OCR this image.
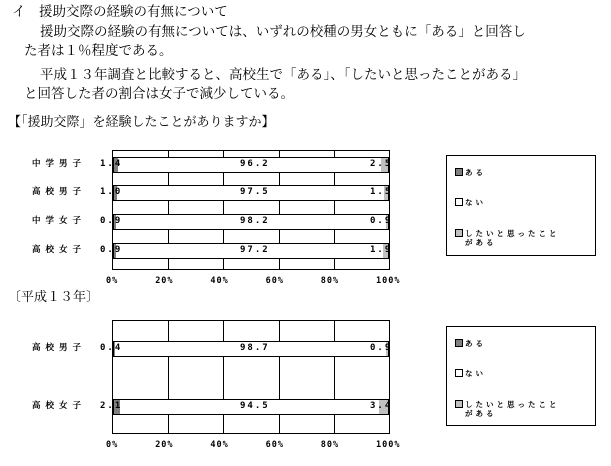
イ　援助交際の経験の有無について
援助交際の経験の有無については、いずれの校種の男女ともに「ある」と回答し
た者は１％程度である。
平成１３年調査と比較すると、高校生で「ある」、「したいと思ったことがある」
と回答した者の割合は女子で減少している。
【「援助交際」を経験したことがありますか】
〔平成１３年〕
ある
ない
したいと思ったこと
がある
1.4	96.2	2.5
中学男子
1.0	97.5	1.5
高校男子
0.9	98.2	0.9
中学女子
0.9	97.2	1.9
高校女子
0%	20%	40%	60%	80%	100%
ある
ない
したいと思ったこと
がある
0.4	98.7	0.9
高校男子
2.1	94.5	3.4
高校女子
0%	20%	40%	60%	80%	100%
